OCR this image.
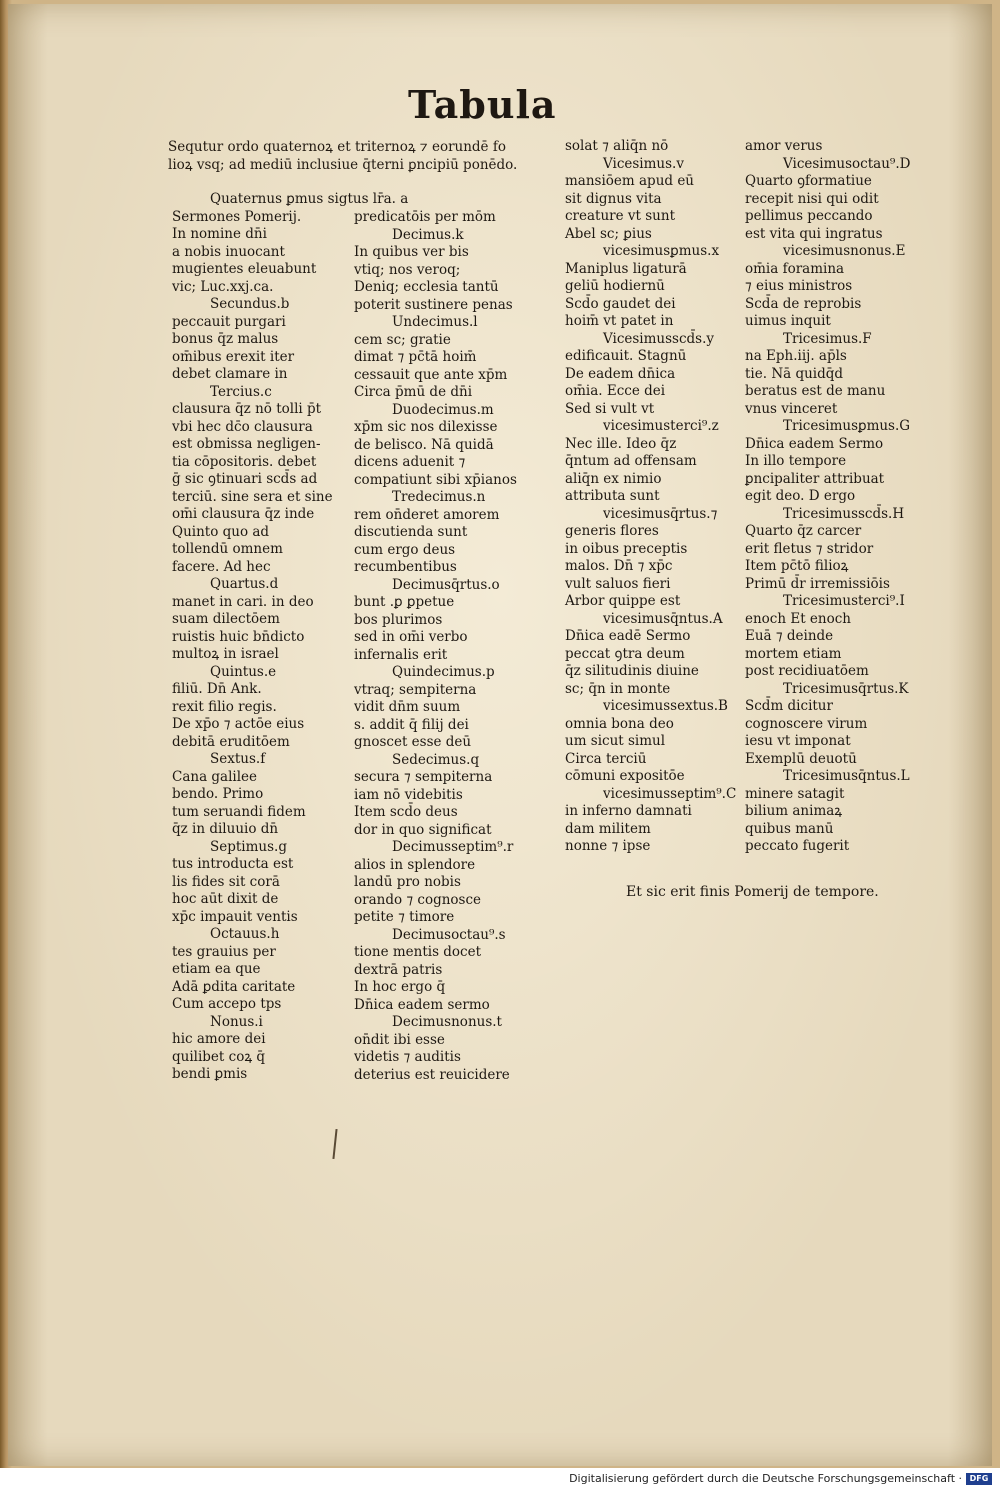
Tabula
Sequtur ordo quaternoꝝ et triternoꝝ ⁊ eorundē fo
lioꝝ vsq; ad mediū inclusiue q̄terni ꝑncipiū ponēdo.
Quaternus ꝑmus sigtus lr̄a. a
Sermones Pomerij.
In nomine dn̄i
a nobis inuocant
mugientes eleuabunt
vic; Luc.xxj.ca.
Secundus.b
peccauit purgari
bonus q̄z malus
om̄ibus erexit iter
debet clamare in
Tercius.c
clausura q̄z nō tolli p̄t
vbi hec dc̄o clausura
est obmissa negligen-
tia cōpositoris. debet
ḡ sic ꝯtinuari scd̄s ad
terciū. sine sera et sine
om̄i clausura q̄z inde
Quinto quo ad
tollendū omnem
facere. Ad hec
Quartus.d
manet in cari. in deo
suam dilectōem
ruistis huic bn̄dicto
multoꝝ in israel
Quintus.e
filiū. Dn̄ Ank.
rexit filio regis.
De xp̄o ⁊ actōe eius
debitā eruditōem
Sextus.f
Cana galilee
bendo. Primo
tum seruandi fidem
q̄z in diluuio dn̄
Septimus.g
tus introducta est
lis fides sit corā
hoc aūt dixit de
xp̄c impauit ventis
Octauus.h
tes grauius per
etiam ea que
Adā ꝑdita caritate
Cum accepo tps
Nonus.i
hic amore dei
quilibet coꝝ q̄
bendi ꝑmis
predicatōis per mōm
Decimus.k
In quibus ver bis
vtiq; nos veroq;
Deniq; ecclesia tantū
poterit sustinere penas
Undecimus.l
cem sc; gratie
dimat ⁊ pc̄tā hoim̄
cessauit que ante xp̄m
Circa p̄mū de dn̄i
Duodecimus.m
xp̄m sic nos dilexisse
de belisco. Nā quidā
dicens aduenit ⁊
compatiunt sibi xp̄ianos
Tredecimus.n
rem on̄deret amorem
discutienda sunt
cum ergo deus
recumbentibus
Decimusq̄rtus.o
bunt .ꝑ ꝑpetue
bos plurimos
sed in om̄i verbo
infernalis erit
Quindecimus.p
vtraq; sempiterna
vidit dn̄m suum
s. addit q̄ filij dei
gnoscet esse deū
Sedecimus.q
secura ⁊ sempiterna
iam nō videbitis
Item scd̄o deus
dor in quo significat
Decimusseptim⁹.r
alios in splendore
landū pro nobis
orando ⁊ cognosce
petite ⁊ timore
Decimusoctau⁹.s
tione mentis docet
dextrā patris
In hoc ergo q̄
Dn̄ica eadem sermo
Decimusnonus.t
on̄dit ibi esse
videtis ⁊ auditis
deterius est reuicidere
solat ⁊ aliq̄n nō
Vicesimus.v
mansiōem apud eū
sit dignus vita
creature vt sunt
Abel sc; ꝑius
vicesimusꝑmus.x
Maniplus ligaturā
geliū hodiernū
Scd̄o gaudet dei
hoim̄ vt patet in
Vicesimusscd̄s.y
edificauit. Stagnū
De eadem dn̄ica
om̄ia. Ecce dei
Sed si vult vt
vicesimusterci⁹.z
Nec ille. Ideo q̄z
q̄ntum ad offensam
aliq̄n ex nimio
attributa sunt
vicesimusq̄rtus.⁊
generis flores
in oibus preceptis
malos. Dn̄ ⁊ xp̄c
vult saluos fieri
Arbor quippe est
vicesimusq̄ntus.A
Dn̄ica eadē Sermo
peccat ꝯtra deum
q̄z silitudinis diuine
sc; q̄n in monte
vicesimussextus.B
omnia bona deo
um sicut simul
Circa terciū
cōmuni expositōe
vicesimusseptim⁹.C
in inferno damnati
dam militem
nonne ⁊ ipse
amor verus
Vicesimusoctau⁹.D
Quarto ꝯformatiue
recepit nisi qui odit
pellimus peccando
est vita qui ingratus
vicesimusnonus.E
om̄ia foramina
⁊ eius ministros
Scd̄a de reprobis
uimus inquit
Tricesimus.F
na Eph.iij. ap̄ls
tie. Nā quidq̄d
beratus est de manu
vnus vinceret
Tricesimusꝑmus.G
Dn̄ica eadem Sermo
In illo tempore
ꝑncipaliter attribuat
egit deo. D ergo
Tricesimusscd̄s.H
Quarto q̄z carcer
erit fletus ⁊ stridor
Item pc̄tō filioꝝ
Primū d̄r irremissiōis
Tricesimusterci⁹.I
enoch Et enoch
Euā ⁊ deinde
mortem etiam
post recidiuatōem
Tricesimusq̄rtus.K
Scd̄m dicitur
cognoscere virum
iesu vt imponat
Exemplū deuotū
Tricesimusq̄ntus.L
minere satagit
bilium animaꝝ
quibus manū
peccato fugerit
Et sic erit finis Pomerij de tempore.
Digitalisierung gefördert durch die Deutsche Forschungsgemeinschaft · DFG
